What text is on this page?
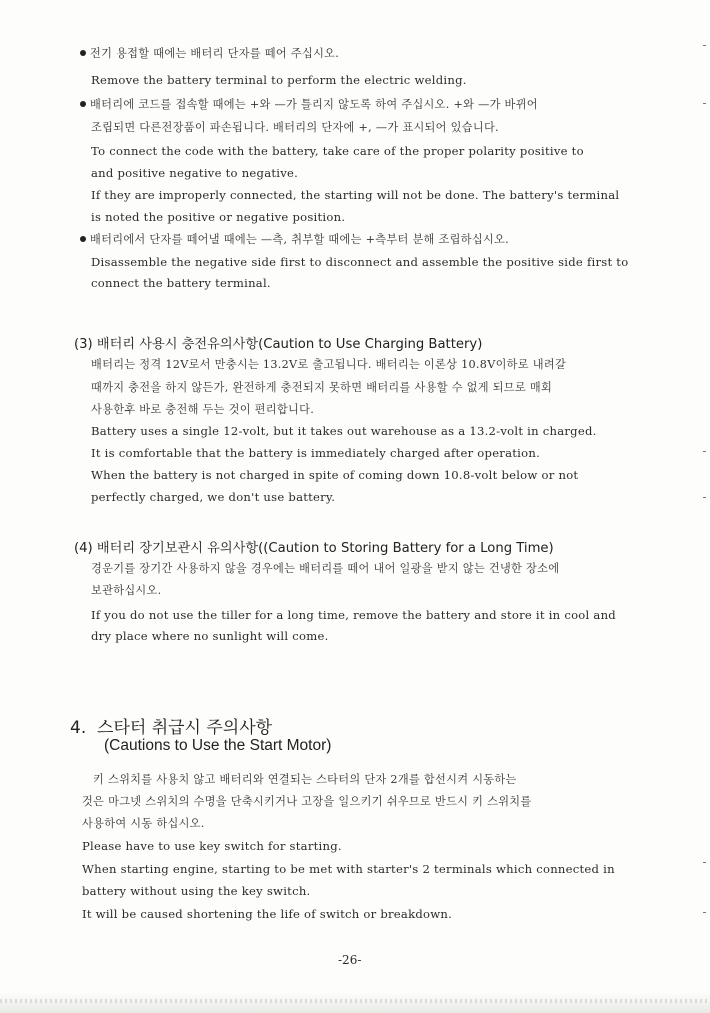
전기 용접할 때에는 배터리 단자를 떼어 주십시오.
Remove the battery terminal to perform the electric welding.
배터리에 코드를 접속할 때에는 +와 —가 틀리지 않도록 하여 주십시오. +와 —가 바뀌어
조립되면 다른전장품이 파손됩니다. 배터리의 단자에 +, —가 표시되어 있습니다.
To connect the code with the battery, take care of the proper polarity positive to
and positive negative to negative.
If they are improperly connected, the starting will not be done. The battery's terminal
is noted the positive or negative position.
배터리에서 단자를 떼어낼 때에는 —측, 취부할 때에는 +측부터 분해 조립하십시오.
Disassemble the negative side first to disconnect and assemble the positive side first to
connect the battery terminal.
(3) 배터리 사용시 충전유의사항(Caution to Use Charging Battery)
배터리는 정격 12V로서 만충시는 13.2V로 출고됩니다. 배터리는 이론상 10.8V이하로 내려갈
때까지 충전을 하지 않든가, 완전하게 충전되지 못하면 배터리를 사용할 수 없게 되므로 매회
사용한후 바로 충전해 두는 것이 편리합니다.
Battery uses a single 12-volt, but it takes out warehouse as a 13.2-volt in charged.
It is comfortable that the battery is immediately charged after operation.
When the battery is not charged in spite of coming down 10.8-volt below or not
perfectly charged, we don't use battery.
(4) 배터리 장기보관시 유의사항((Caution to Storing Battery for a Long Time)
경운기를 장기간 사용하지 않을 경우에는 배터리를 떼어 내어 일광을 받지 않는 건냉한 장소에
보관하십시오.
If you do not use the tiller for a long time, remove the battery and store it in cool and
dry place where no sunlight will come.
4. 스타터 취급시 주의사항
(Cautions to Use the Start Motor)
키 스위치를 사용치 않고 배터리와 연결되는 스타터의 단자 2개를 합선시켜 시동하는
것은 마그넷 스위치의 수명을 단축시키거나 고장을 일으키기 쉬우므로 반드시 키 스위치를
사용하여 시동 하십시오.
Please have to use key switch for starting.
When starting engine, starting to be met with starter's 2 terminals which connected in
battery without using the key switch.
It will be caused shortening the life of switch or breakdown.
-26-
